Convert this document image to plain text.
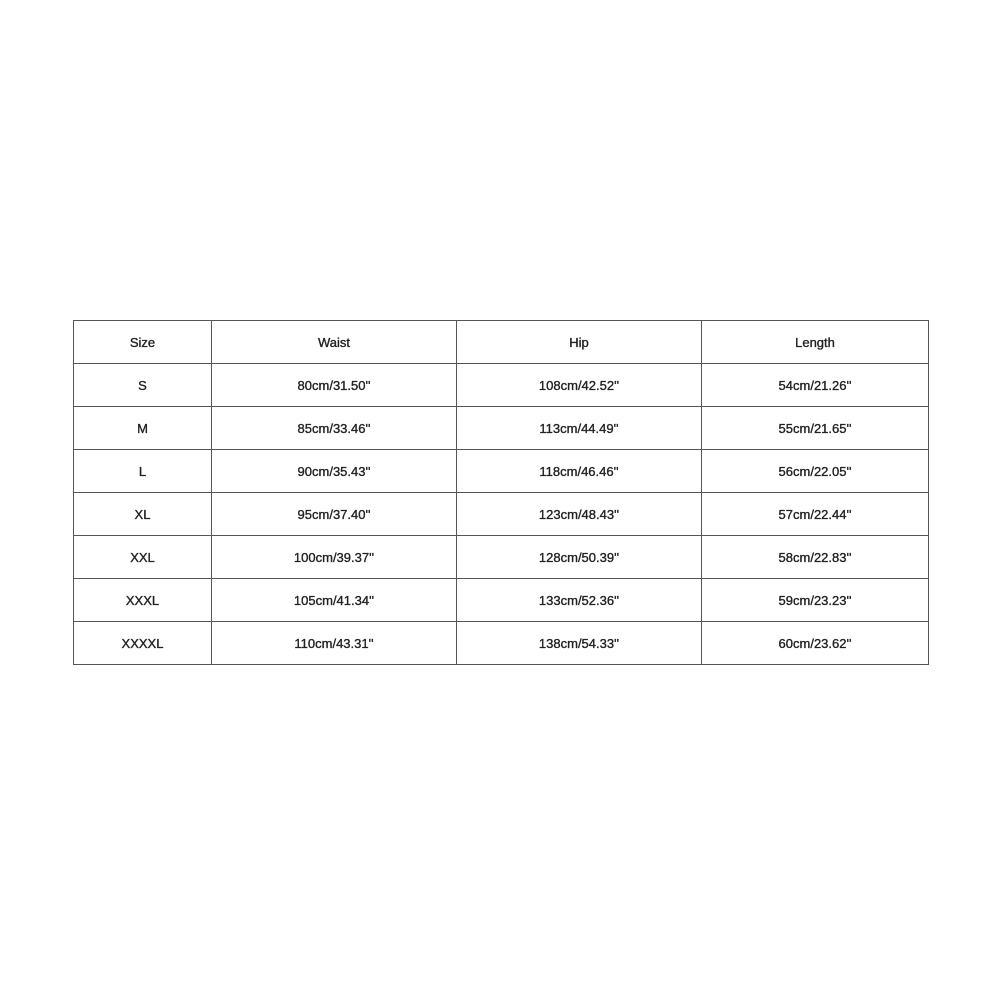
Size	Waist	Hip	Length
S	80cm/31.50''	108cm/42.52''	54cm/21.26''
M	85cm/33.46''	113cm/44.49''	55cm/21.65''
L	90cm/35.43''	118cm/46.46''	56cm/22.05''
XL	95cm/37.40''	123cm/48.43''	57cm/22.44''
XXL	100cm/39.37''	128cm/50.39''	58cm/22.83''
XXXL	105cm/41.34''	133cm/52.36''	59cm/23.23''
XXXXL	110cm/43.31''	138cm/54.33''	60cm/23.62''
